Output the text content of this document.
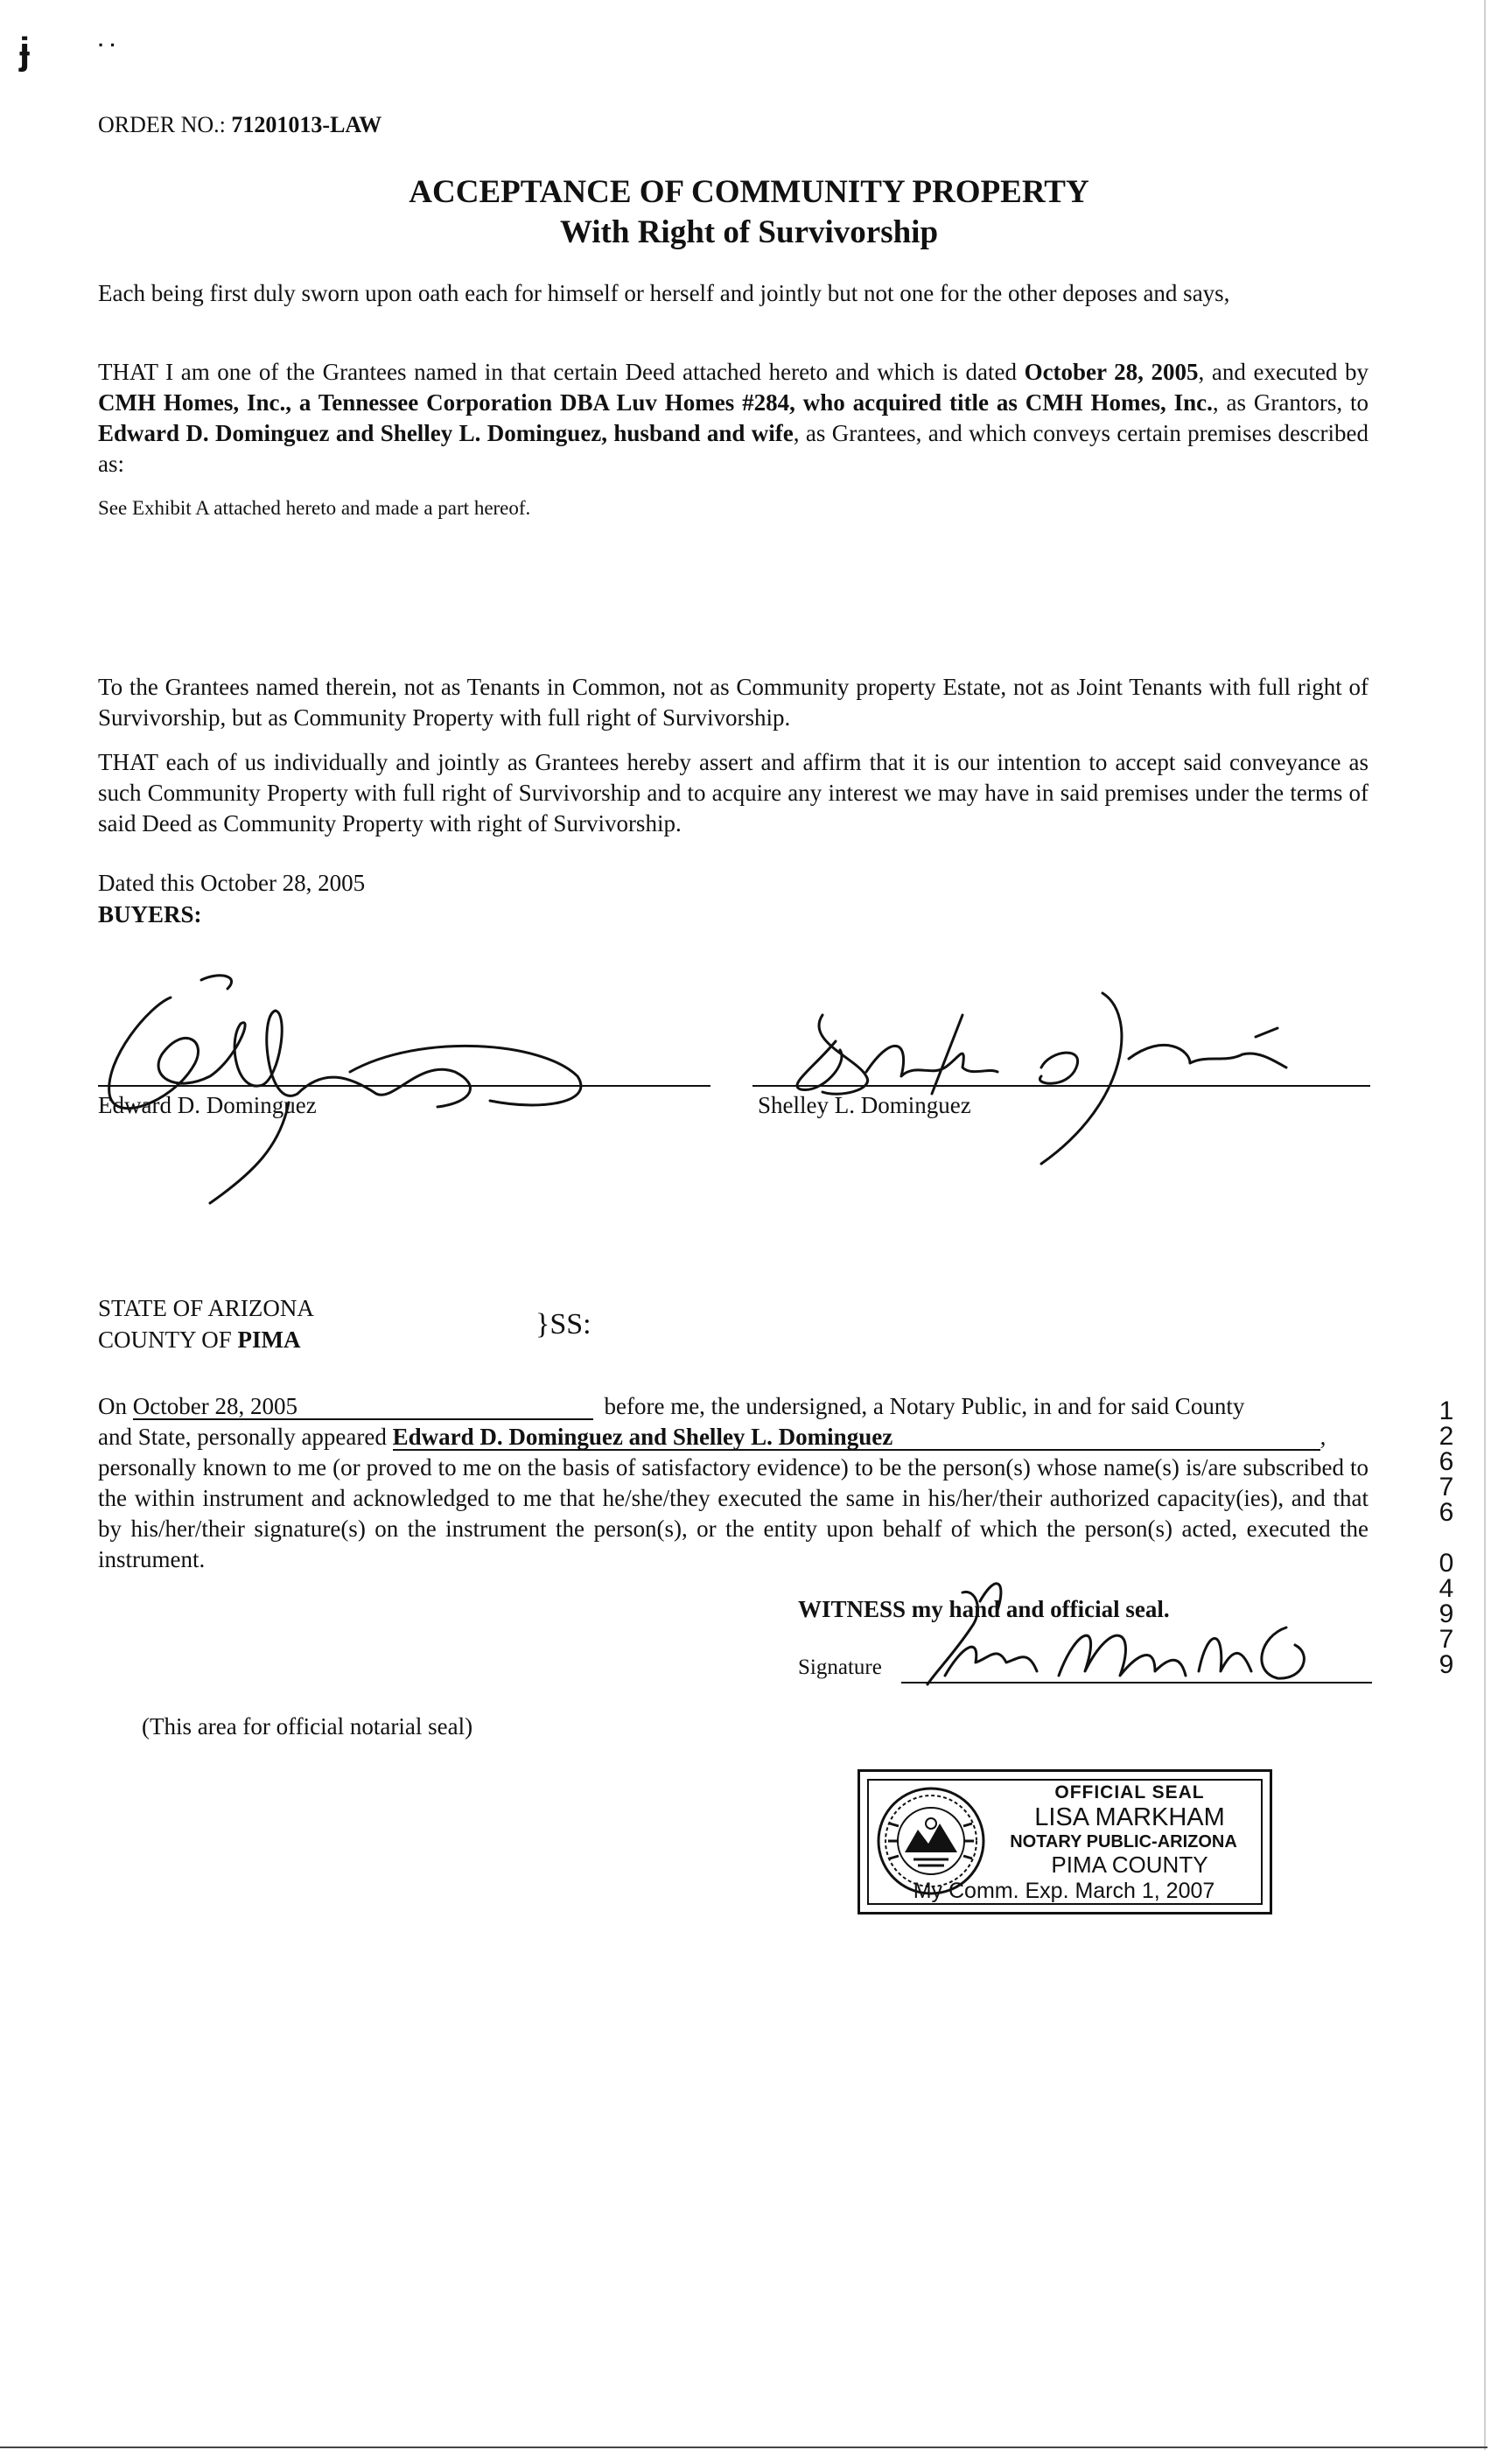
ɉ	· ·
ORDER NO.: 71201013-LAW
ACCEPTANCE OF COMMUNITY PROPERTY
With Right of Survivorship
Each being first duly sworn upon oath each for himself or herself and jointly but not one for the other deposes and says,
THAT I am one of the Grantees named in that certain Deed attached hereto and which is dated October 28, 2005, and executed by CMH Homes, Inc., a Tennessee Corporation DBA Luv Homes #284, who acquired title as CMH Homes, Inc., as Grantors, to Edward D. Dominguez and Shelley L. Dominguez, husband and wife, as Grantees, and which conveys certain premises described as:
See Exhibit A attached hereto and made a part hereof.
To the Grantees named therein, not as Tenants in Common, not as Community property Estate, not as Joint Tenants with full right of Survivorship, but as Community Property with full right of Survivorship.
THAT each of us individually and jointly as Grantees hereby assert and affirm that it is our intention to accept said conveyance as such Community Property with full right of Survivorship and to acquire any interest we may have in said premises under the terms of said Deed as Community Property with right of Survivorship.
Dated this October 28, 2005
BUYERS:
Edward D. Dominguez	Shelley L. Dominguez
STATE OF ARIZONA
COUNTY OF PIMA	}SS:
On October 28, 2005	before me, the undersigned, a Notary Public, in and for said County
and State, personally appeared Edward D. Dominguez and Shelley L. Dominguez	,
personally known to me (or proved to me on the basis of satisfactory evidence) to be the person(s) whose name(s) is/are subscribed to the within instrument and acknowledged to me that he/she/they executed the same in his/her/their authorized capacity(ies), and that by his/her/their signature(s) on the instrument the person(s), or the entity upon behalf of which the person(s) acted, executed the instrument.
WITNESS my hand and official seal.
Signature
(This area for official notarial seal)
OFFICIAL SEAL
LISA MARKHAM
NOTARY PUBLIC-ARIZONA
PIMA COUNTY
My Comm. Exp. March 1, 2007
1
2
6
7
6
0
4
9
7
9
